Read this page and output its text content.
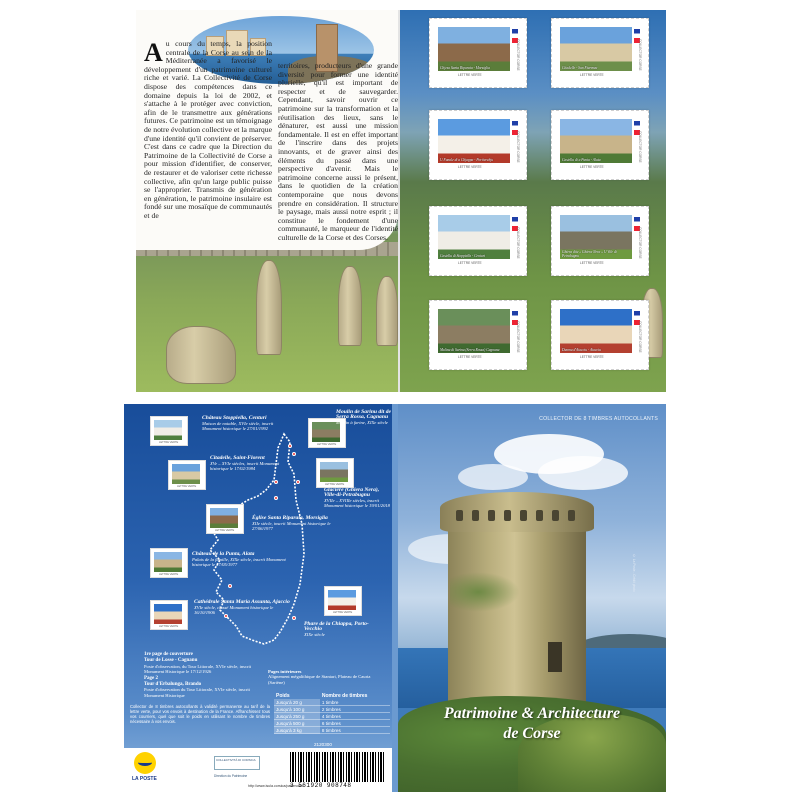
Au cours du temps, la position centrale de la Corse au sein de la Méditerranée a favorisé le développement d'un patrimoine culturel riche et varié. La Collectivité de Corse dispose des compétences dans ce domaine depuis la loi de 2002, et s'attache à le protéger avec conviction, afin de le transmettre aux générations futures. Ce patrimoine est un témoignage de notre évolution collective et la marque d'une identité qu'il convient de préserver. C'est dans ce cadre que la Direction du Patrimoine de la Collectivité de Corse a pour mission d'identifier, de conserver, de restaurer et de valoriser cette richesse collective, afin qu'un large public puisse se l'approprier. Transmis de génération en génération, le patrimoine insulaire est fondé sur une mosaïque de communautés et de
territoires, producteurs d'une grande diversité pour former une identité plurielle, qu'il est important de respecter et de sauvegarder. Cependant, savoir ouvrir ce patrimoine sur la transformation et la réutilisation des lieux, sans le dénaturer, est aussi une mission fondamentale. Il est en effet important de l'inscrire dans des projets innovants, et de graver ainsi des éléments du passé dans une perspective d'avenir. Mais le patrimoine concerne aussi le présent, dans le quotidien de la création contemporaine que nous devons prendre en considération. Il structure le paysage, mais aussi notre esprit ; il constitue le fondement d'une communauté, le marqueur de l'identité culturelle de la Corse et des Corses.
Chjesa Santa Riparata - Morsiglia	COLLECTOR CORSE
LETTRE VERTE
Citadelle - San Fiurenzu	COLLECTOR CORSE
LETTRE VERTE
U Fanale di a Chjappa - Portivechju	COLLECTOR CORSE
LETTRE VERTE
Castellu di a Punta - Alata	COLLECTOR CORSE
LETTRE VERTE
Castellu di Stoppiella - Centuri	COLLECTOR CORSE
LETTRE VERTE
Ghiera dite « Ghiera Nera » U Vile di Petrabugnu	COLLECTOR CORSE
LETTRE VERTE
Mulinu di Sarinu (Serra Rossa) Cagnanu	COLLECTOR CORSE
LETTRE VERTE
Duomu d'Aiacciu - Aiacciu	COLLECTOR CORSE
LETTRE VERTE
LETTRE VERTE
Château Stoppiella, Centuri
Maison de notable, XVIe siècle, inscrit Monument historique le 27/01/1992
LETTRE VERTE
Moulin de Sarinu dit de Serra Rossa, Cagnanu
Moulin à farine, XIXe siècle
LETTRE VERTE
Citadelle, Saint-Florent
XVe – XVIe siècles, inscrit Monument historique le 17/02/1984
LETTRE VERTE
Glacière (Ghiera Nera), Ville-di-Petrabugnu
XVIIe – XVIIIe siècles, inscrit Monument historique le 19/01/2018
LETTRE VERTE
Église Santa Riparata, Morsiglia
XIIe siècle, inscrit Monument historique le 27/06/1977
LETTRE VERTE
Château de la Punta, Alata
Palais de la famille, XIXe siècle, inscrit Monument historique le 27/05/1977
LETTRE VERTE
Cathédrale Santa Maria Assunta, Ajaccio
XVIe siècle, classé Monument historique le 16/10/1906	LETTRE VERTE
Phare de la Chiappa, Porto-Vecchio
XIXe siècle
1re page de couverture
Tour de Losse - Cagnanu
Poste d'observation, du Tour Littorale, XVIe siècle, inscrit Monument Historique le 17/12/1926
Page 2
Tour d'Erbalunga, Brando
Poste d'observation du Tour Littorale, XVIe siècle, inscrit Monument Historique
Pages intérieures
Alignement mégalithique de Stantari, Plateau de Cauria (Sartène)
Poids	Nombre de timbres
Jusqu'à 20 g	1 timbre
Jusqu'à 100 g	2 timbres
Jusqu'à 250 g	4 timbres
Jusqu'à 500 g	6 timbres
Jusqu'à 3 kg	8 timbres
Collector de 8 timbres autocollants à validité permanente au tarif de la lettre verte, pour vos envois à destination de la France. Affranchissez tous vos courriers, quel que soit le poids en utilisant le nombre de timbres nécessaire à vos envois.
2120300
LA POSTE
COLLECTIVITÀ DI CORSICA
Direction du Patrimoine
http://www.isula.corsica/patrimoniu
3 561920 908748
COLLECTOR DE 8 TIMBRES AUTOCOLLANTS
© La Poste - Crédit photo
Patrimoine & Architecture
de Corse
